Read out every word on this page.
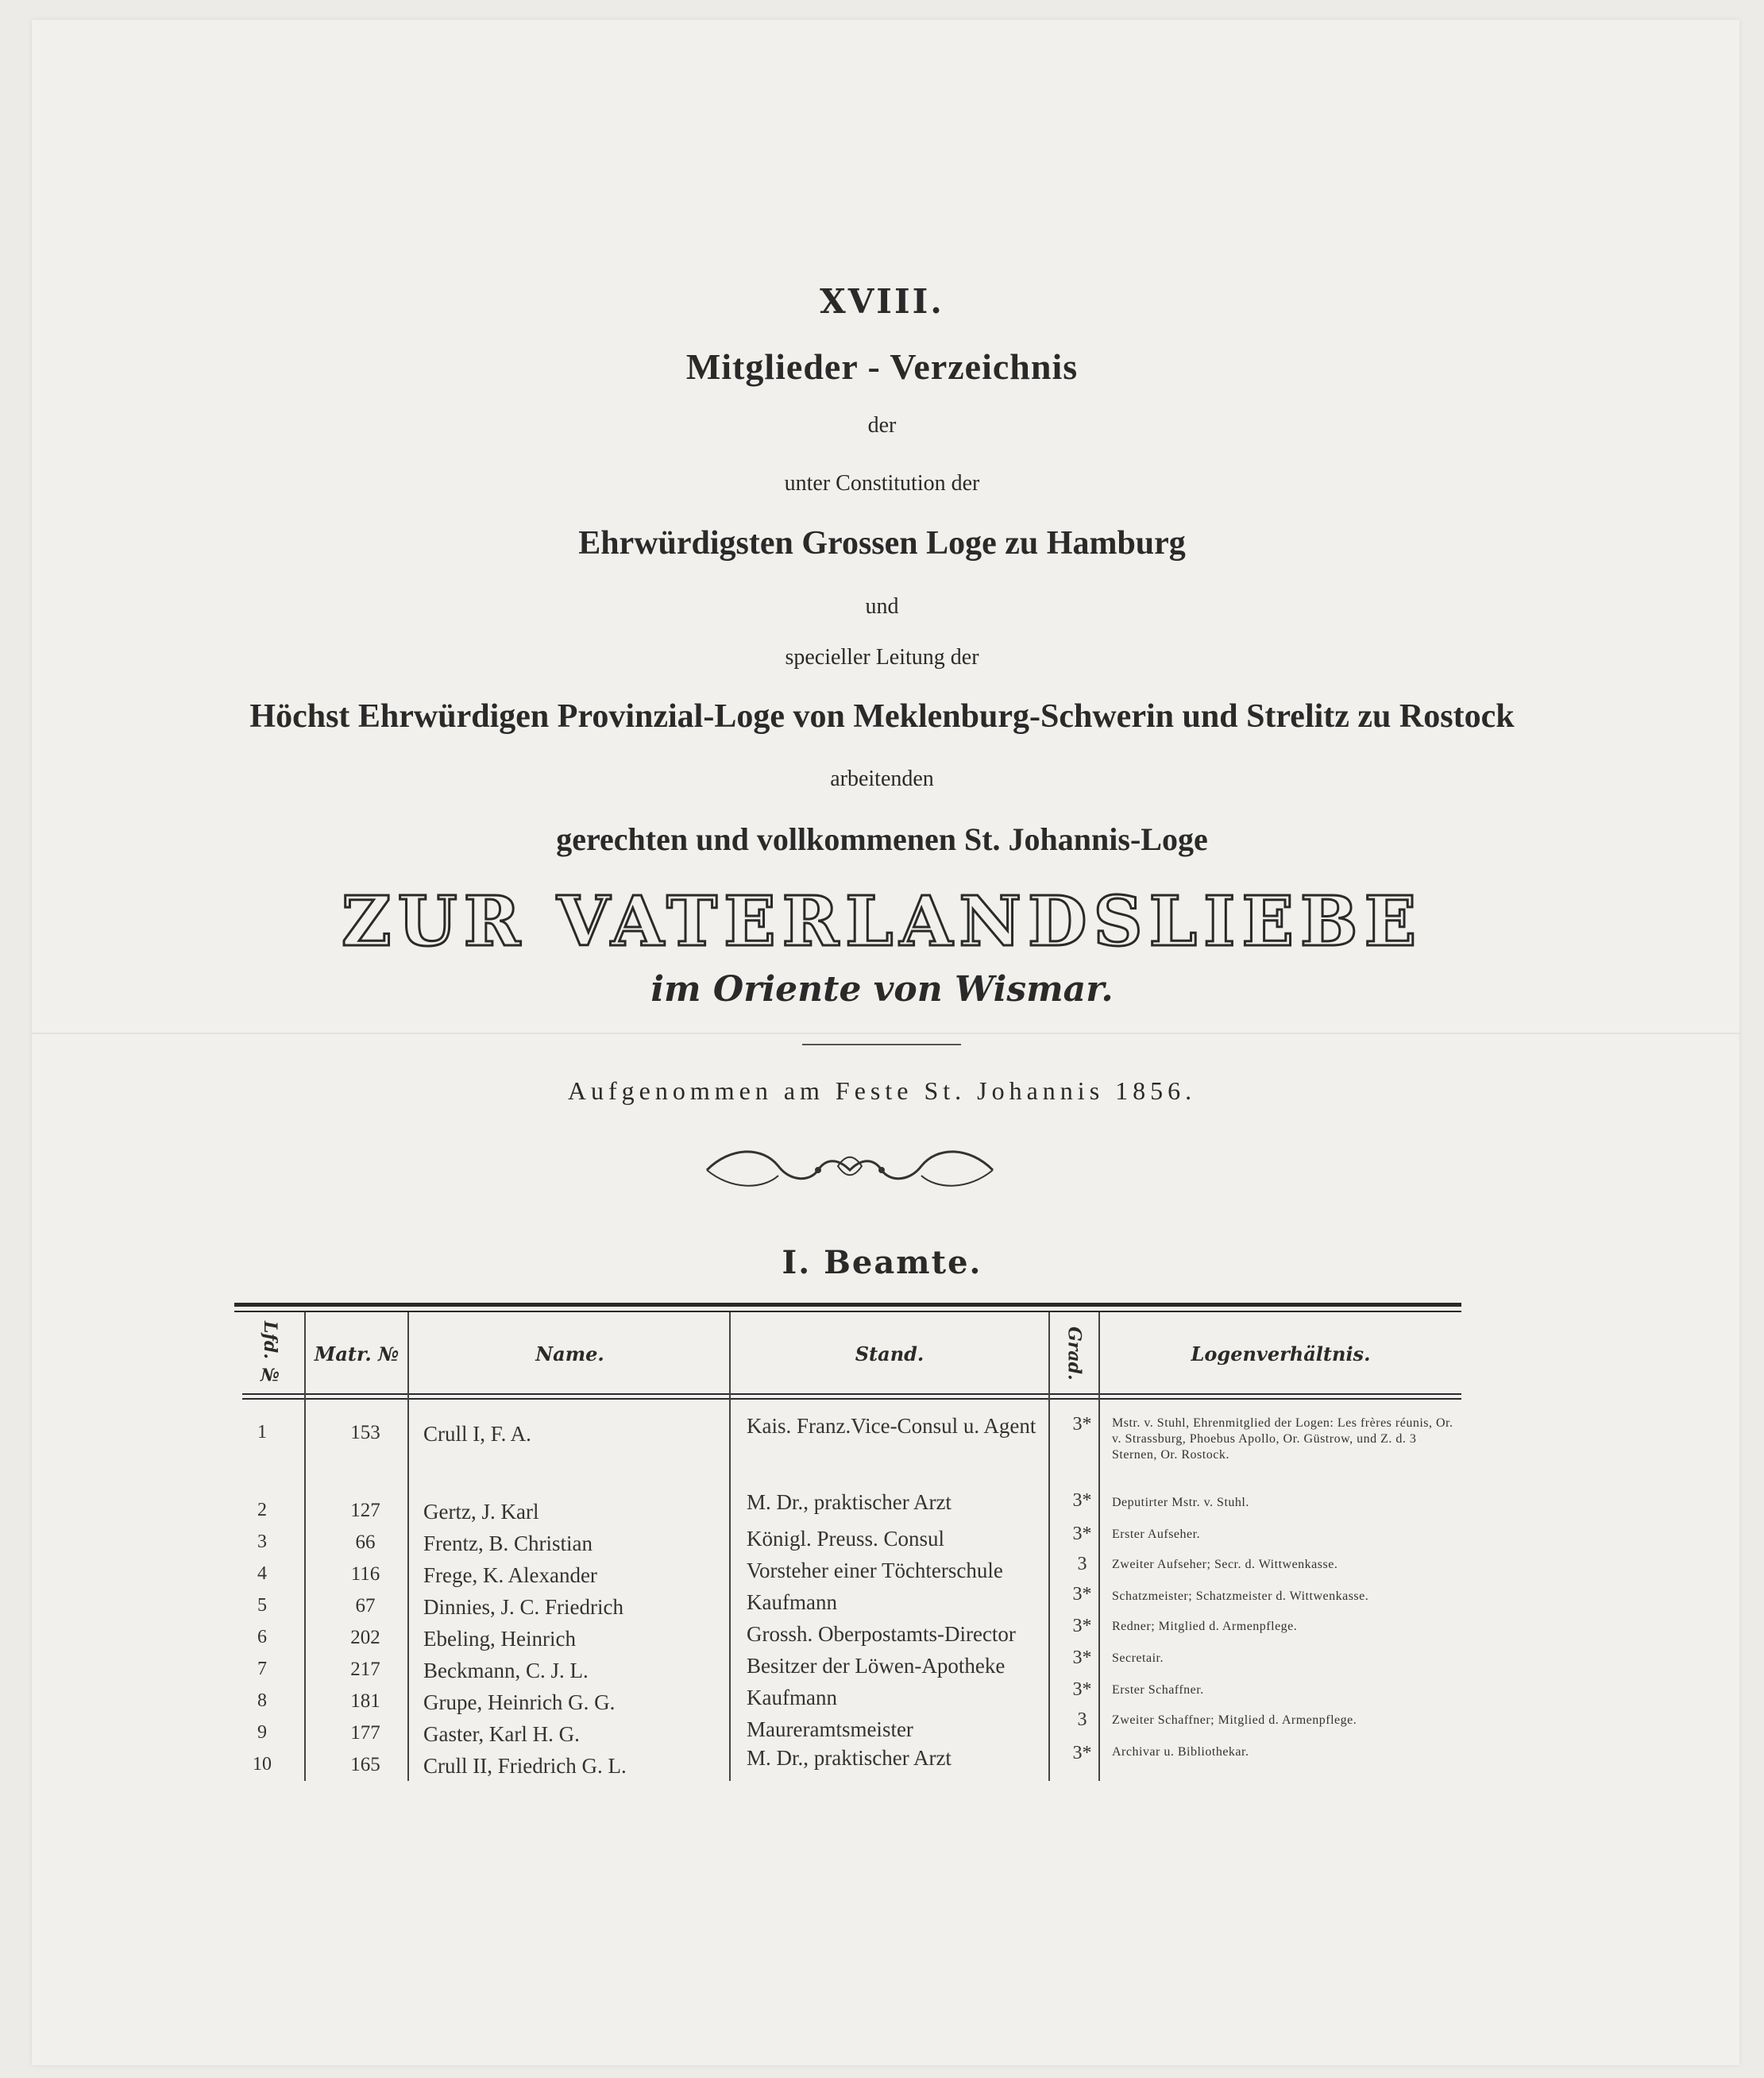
XVIII.
Mitglieder - Verzeichnis
der
unter Constitution der
Ehrwürdigsten Grossen Loge zu Hamburg
und
specieller Leitung der
Höchst Ehrwürdigen Provinzial-Loge von Meklenburg-Schwerin und Strelitz zu Rostock
arbeitenden
gerechten und vollkommenen St. Johannis-Loge
ZUR VATERLANDSLIEBE
im Oriente von Wismar.
Aufgenommen am Feste St. Johannis 1856.
I. Beamte.
Lfd. №	Matr. №	Name.	Stand.	Grad.	Logenverhältnis.
1	153	Crull I, F. A.	Kais. Franz.Vice-Consul u. Agent	3*	Mstr. v. Stuhl, Ehrenmitglied der Logen: Les frères réunis, Or. v. Strassburg, Phoebus Apollo, Or. Güstrow, und Z. d. 3 Sternen, Or. Rostock.
2	127	Gertz, J. Karl	M. Dr., praktischer Arzt	3*	Deputirter Mstr. v. Stuhl.
3	66	Frentz, B. Christian	Königl. Preuss. Consul	3*	Erster Aufseher.
4	116	Frege, K. Alexander	Vorsteher einer Töchterschule	3	Zweiter Aufseher; Secr. d. Wittwenkasse.
5	67	Dinnies, J. C. Friedrich	Kaufmann	3*	Schatzmeister; Schatzmeister d. Wittwenkasse.
6	202	Ebeling, Heinrich	Grossh. Oberpostamts-Director	3*	Redner; Mitglied d. Armenpflege.
7	217	Beckmann, C. J. L.	Besitzer der Löwen-Apotheke	3*	Secretair.
8	181	Grupe, Heinrich G. G.	Kaufmann	3*	Erster Schaffner.
9	177	Gaster, Karl H. G.	Maureramtsmeister	3	Zweiter Schaffner; Mitglied d. Armenpflege.
10	165	Crull II, Friedrich G. L.	M. Dr., praktischer Arzt	3*	Archivar u. Bibliothekar.
